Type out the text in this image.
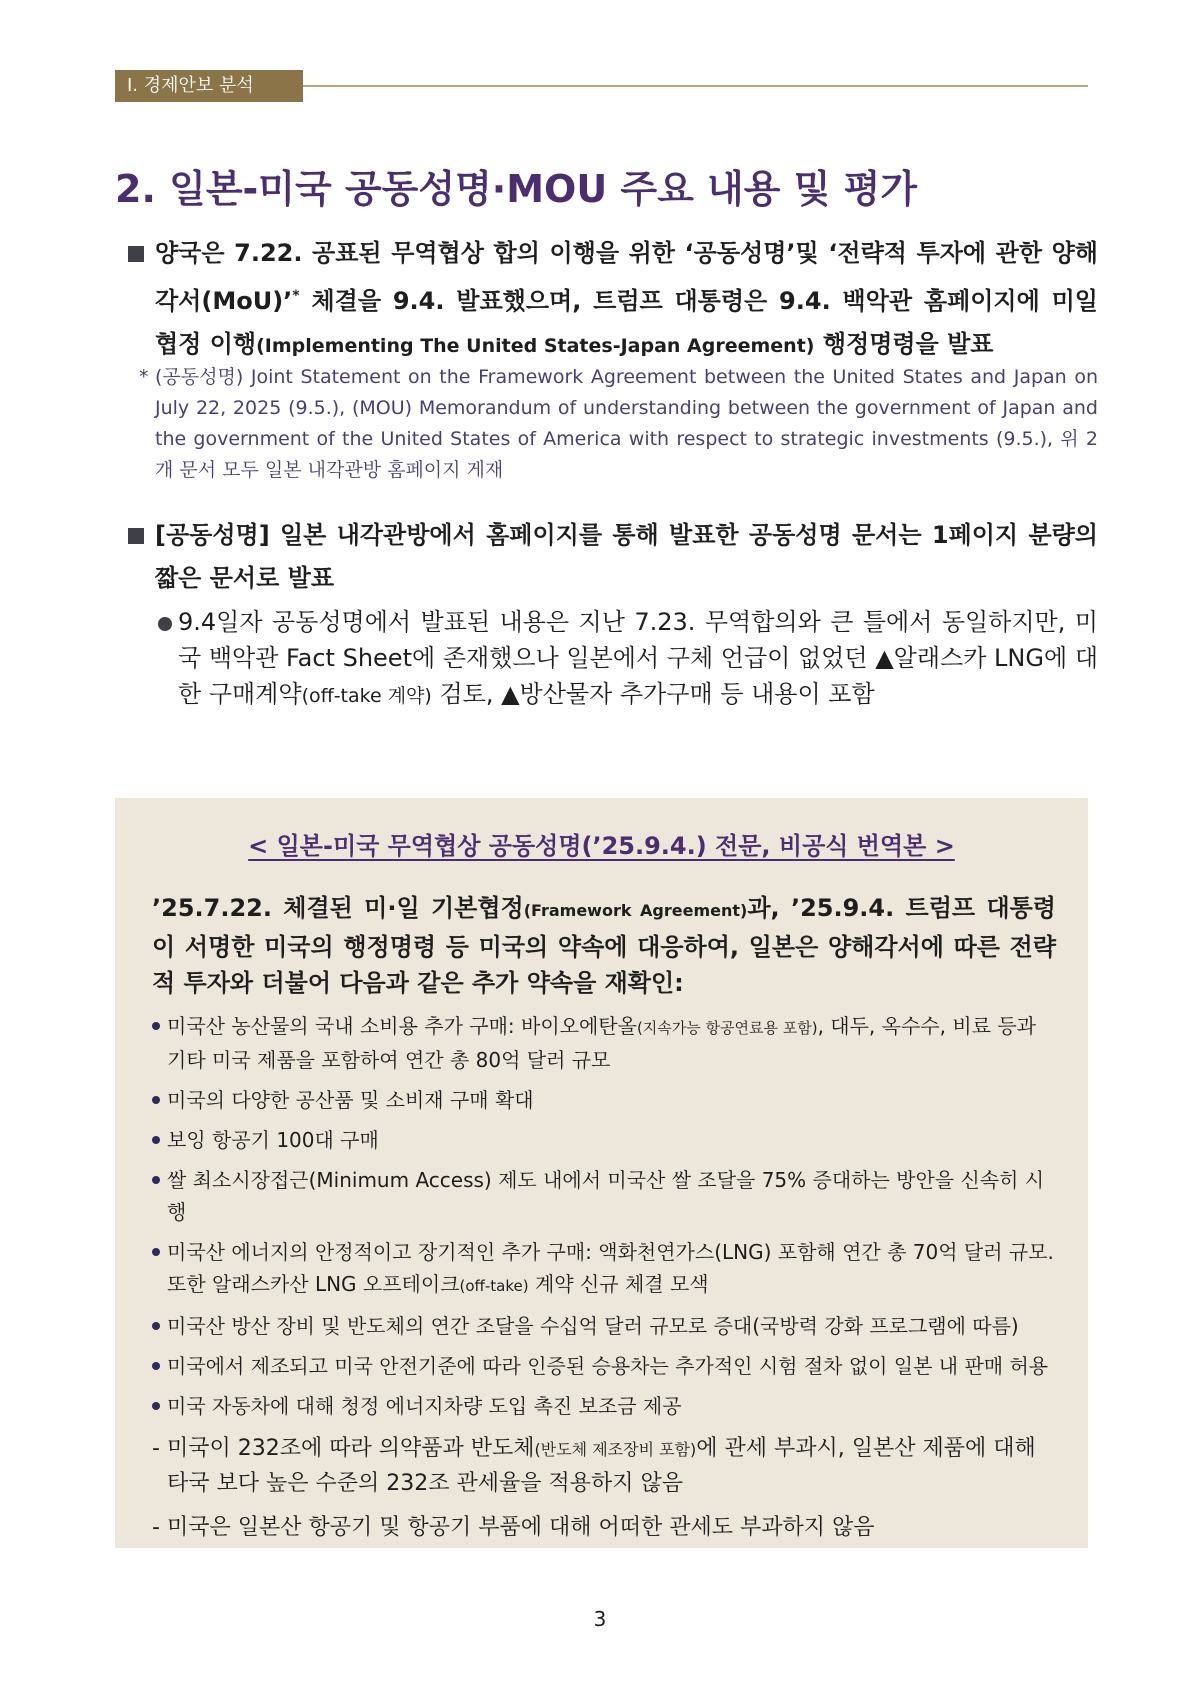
Ⅰ. 경제안보 분석
2. 일본-미국 공동성명·MOU 주요 내용 및 평가
양국은 7.22. 공표된 무역협상 합의 이행을 위한 ‘공동성명’및 ‘전략적 투자에 관한 양해각서(MoU)’* 체결을 9.4. 발표했으며, 트럼프 대통령은 9.4. 백악관 홈페이지에 미일 협정 이행(Implementing The United States-Japan Agreement) 행정명령을 발표
* (공동성명) Joint Statement on the Framework Agreement between the United States and Japan on July 22, 2025 (9.5.), (MOU) Memorandum of understanding between the government of Japan and the government of the United States of America with respect to strategic investments (9.5.), 위 2개 문서 모두 일본 내각관방 홈페이지 게재
[공동성명] 일본 내각관방에서 홈페이지를 통해 발표한 공동성명 문서는 1페이지 분량의 짧은 문서로 발표
9.4일자 공동성명에서 발표된 내용은 지난 7.23. 무역합의와 큰 틀에서 동일하지만, 미국 백악관 Fact Sheet에 존재했으나 일본에서 구체 언급이 없었던 ▲알래스카 LNG에 대한 구매계약(off-take 계약) 검토, ▲방산물자 추가구매 등 내용이 포함
< 일본-미국 무역협상 공동성명(’25.9.4.) 전문, 비공식 번역본 >
’25.7.22. 체결된 미·일 기본협정(Framework Agreement)과, ’25.9.4. 트럼프 대통령이 서명한 미국의 행정명령 등 미국의 약속에 대응하여, 일본은 양해각서에 따른 전략적 투자와 더불어 다음과 같은 추가 약속을 재확인:
미국산 농산물의 국내 소비용 추가 구매: 바이오에탄올(지속가능 항공연료용 포함), 대두, 옥수수, 비료 등과 기타 미국 제품을 포함하여 연간 총 80억 달러 규모
미국의 다양한 공산품 및 소비재 구매 확대
보잉 항공기 100대 구매
쌀 최소시장접근(Minimum Access) 제도 내에서 미국산 쌀 조달을 75% 증대하는 방안을 신속히 시행
미국산 에너지의 안정적이고 장기적인 추가 구매: 액화천연가스(LNG) 포함해 연간 총 70억 달러 규모. 또한 알래스카산 LNG 오프테이크(off-take) 계약 신규 체결 모색
미국산 방산 장비 및 반도체의 연간 조달을 수십억 달러 규모로 증대(국방력 강화 프로그램에 따름)
미국에서 제조되고 미국 안전기준에 따라 인증된 승용차는 추가적인 시험 절차 없이 일본 내 판매 허용
미국 자동차에 대해 청정 에너지차량 도입 촉진 보조금 제공
- 미국이 232조에 따라 의약품과 반도체(반도체 제조장비 포함)에 관세 부과시, 일본산 제품에 대해 타국 보다 높은 수준의 232조 관세율을 적용하지 않음
- 미국은 일본산 항공기 및 항공기 부품에 대해 어떠한 관세도 부과하지 않음
3
